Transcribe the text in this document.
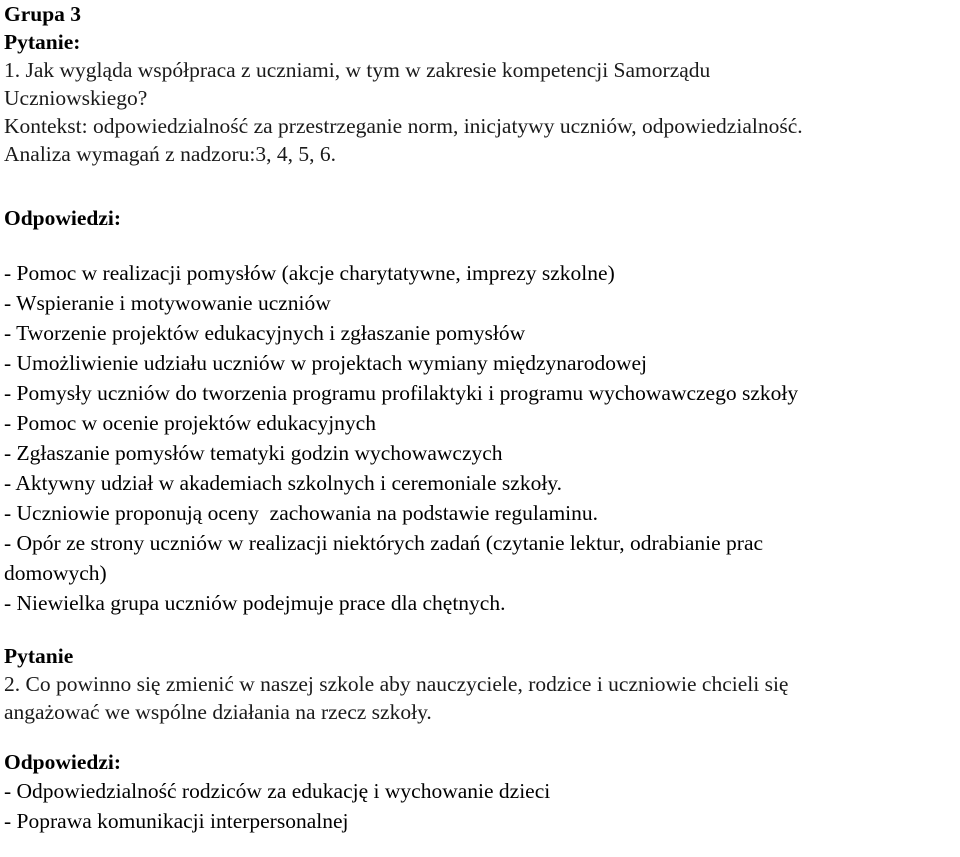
Grupa 3
Pytanie:
1. Jak wygląda współpraca z uczniami, w tym w zakresie kompetencji Samorządu
Uczniowskiego?
Kontekst: odpowiedzialność za przestrzeganie norm, inicjatywy uczniów, odpowiedzialność.
Analiza wymagań z nadzoru:3, 4, 5, 6.
Odpowiedzi:
- Pomoc w realizacji pomysłów (akcje charytatywne, imprezy szkolne)
- Wspieranie i motywowanie uczniów
- Tworzenie projektów edukacyjnych i zgłaszanie pomysłów
- Umożliwienie udziału uczniów w projektach wymiany międzynarodowej
- Pomysły uczniów do tworzenia programu profilaktyki i programu wychowawczego szkoły
- Pomoc w ocenie projektów edukacyjnych
- Zgłaszanie pomysłów tematyki godzin wychowawczych
- Aktywny udział w akademiach szkolnych i ceremoniale szkoły.
- Uczniowie proponują oceny  zachowania na podstawie regulaminu.
- Opór ze strony uczniów w realizacji niektórych zadań (czytanie lektur, odrabianie prac
domowych)
- Niewielka grupa uczniów podejmuje prace dla chętnych.
Pytanie
2. Co powinno się zmienić w naszej szkole aby nauczyciele, rodzice i uczniowie chcieli się
angażować we wspólne działania na rzecz szkoły.
Odpowiedzi:
- Odpowiedzialność rodziców za edukację i wychowanie dzieci
- Poprawa komunikacji interpersonalnej
